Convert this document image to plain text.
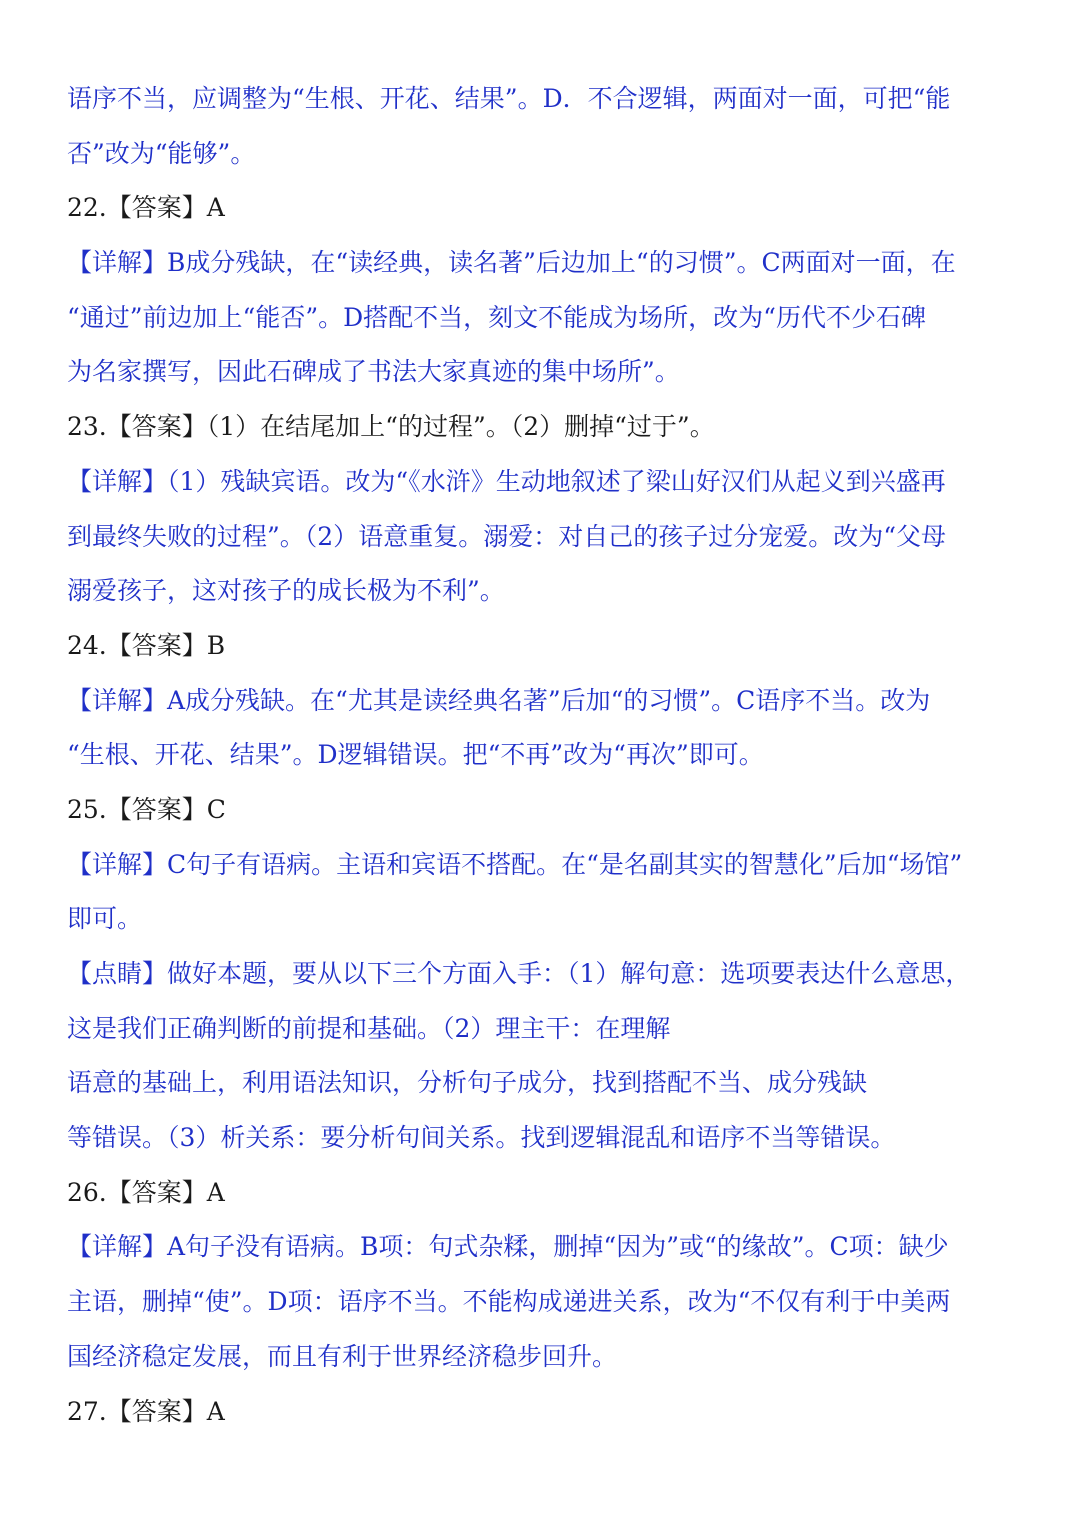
语序不当，应调整为“生根、开花、结果”。D．不合逻辑，两面对一面，可把“能
否”改为“能够”。
22.【答案】A
【详解】B成分残缺，在“读经典，读名著”后边加上“的习惯”。C两面对一面，在
“通过”前边加上“能否”。D搭配不当，刻文不能成为场所，改为“历代不少石碑
为名家撰写，因此石碑成了书法大家真迹的集中场所”。
23.【答案】（1）在结尾加上“的过程”。（2）删掉“过于”。
【详解】（1）残缺宾语。改为“《水浒》生动地叙述了梁山好汉们从起义到兴盛再
到最终失败的过程”。（2）语意重复。溺爱：对自己的孩子过分宠爱。改为“父母
溺爱孩子，这对孩子的成长极为不利”。
24.【答案】B
【详解】A成分残缺。在“尤其是读经典名著”后加“的习惯”。C语序不当。改为
“生根、开花、结果”。D逻辑错误。把“不再”改为“再次”即可。
25.【答案】C
【详解】C句子有语病。主语和宾语不搭配。在“是名副其实的智慧化”后加“场馆”
即可。
【点睛】做好本题，要从以下三个方面入手：（1）解句意：选项要表达什么意思，
这是我们正确判断的前提和基础。（2）理主干：在理解
语意的基础上，利用语法知识，分析句子成分，找到搭配不当、成分残缺
等错误。（3）析关系：要分析句间关系。找到逻辑混乱和语序不当等错误。
26.【答案】A
【详解】A句子没有语病。B项：句式杂糅，删掉“因为”或“的缘故”。C项：缺少
主语，删掉“使”。D项：语序不当。不能构成递进关系，改为“不仅有利于中美两
国经济稳定发展，而且有利于世界经济稳步回升。
27.【答案】A
